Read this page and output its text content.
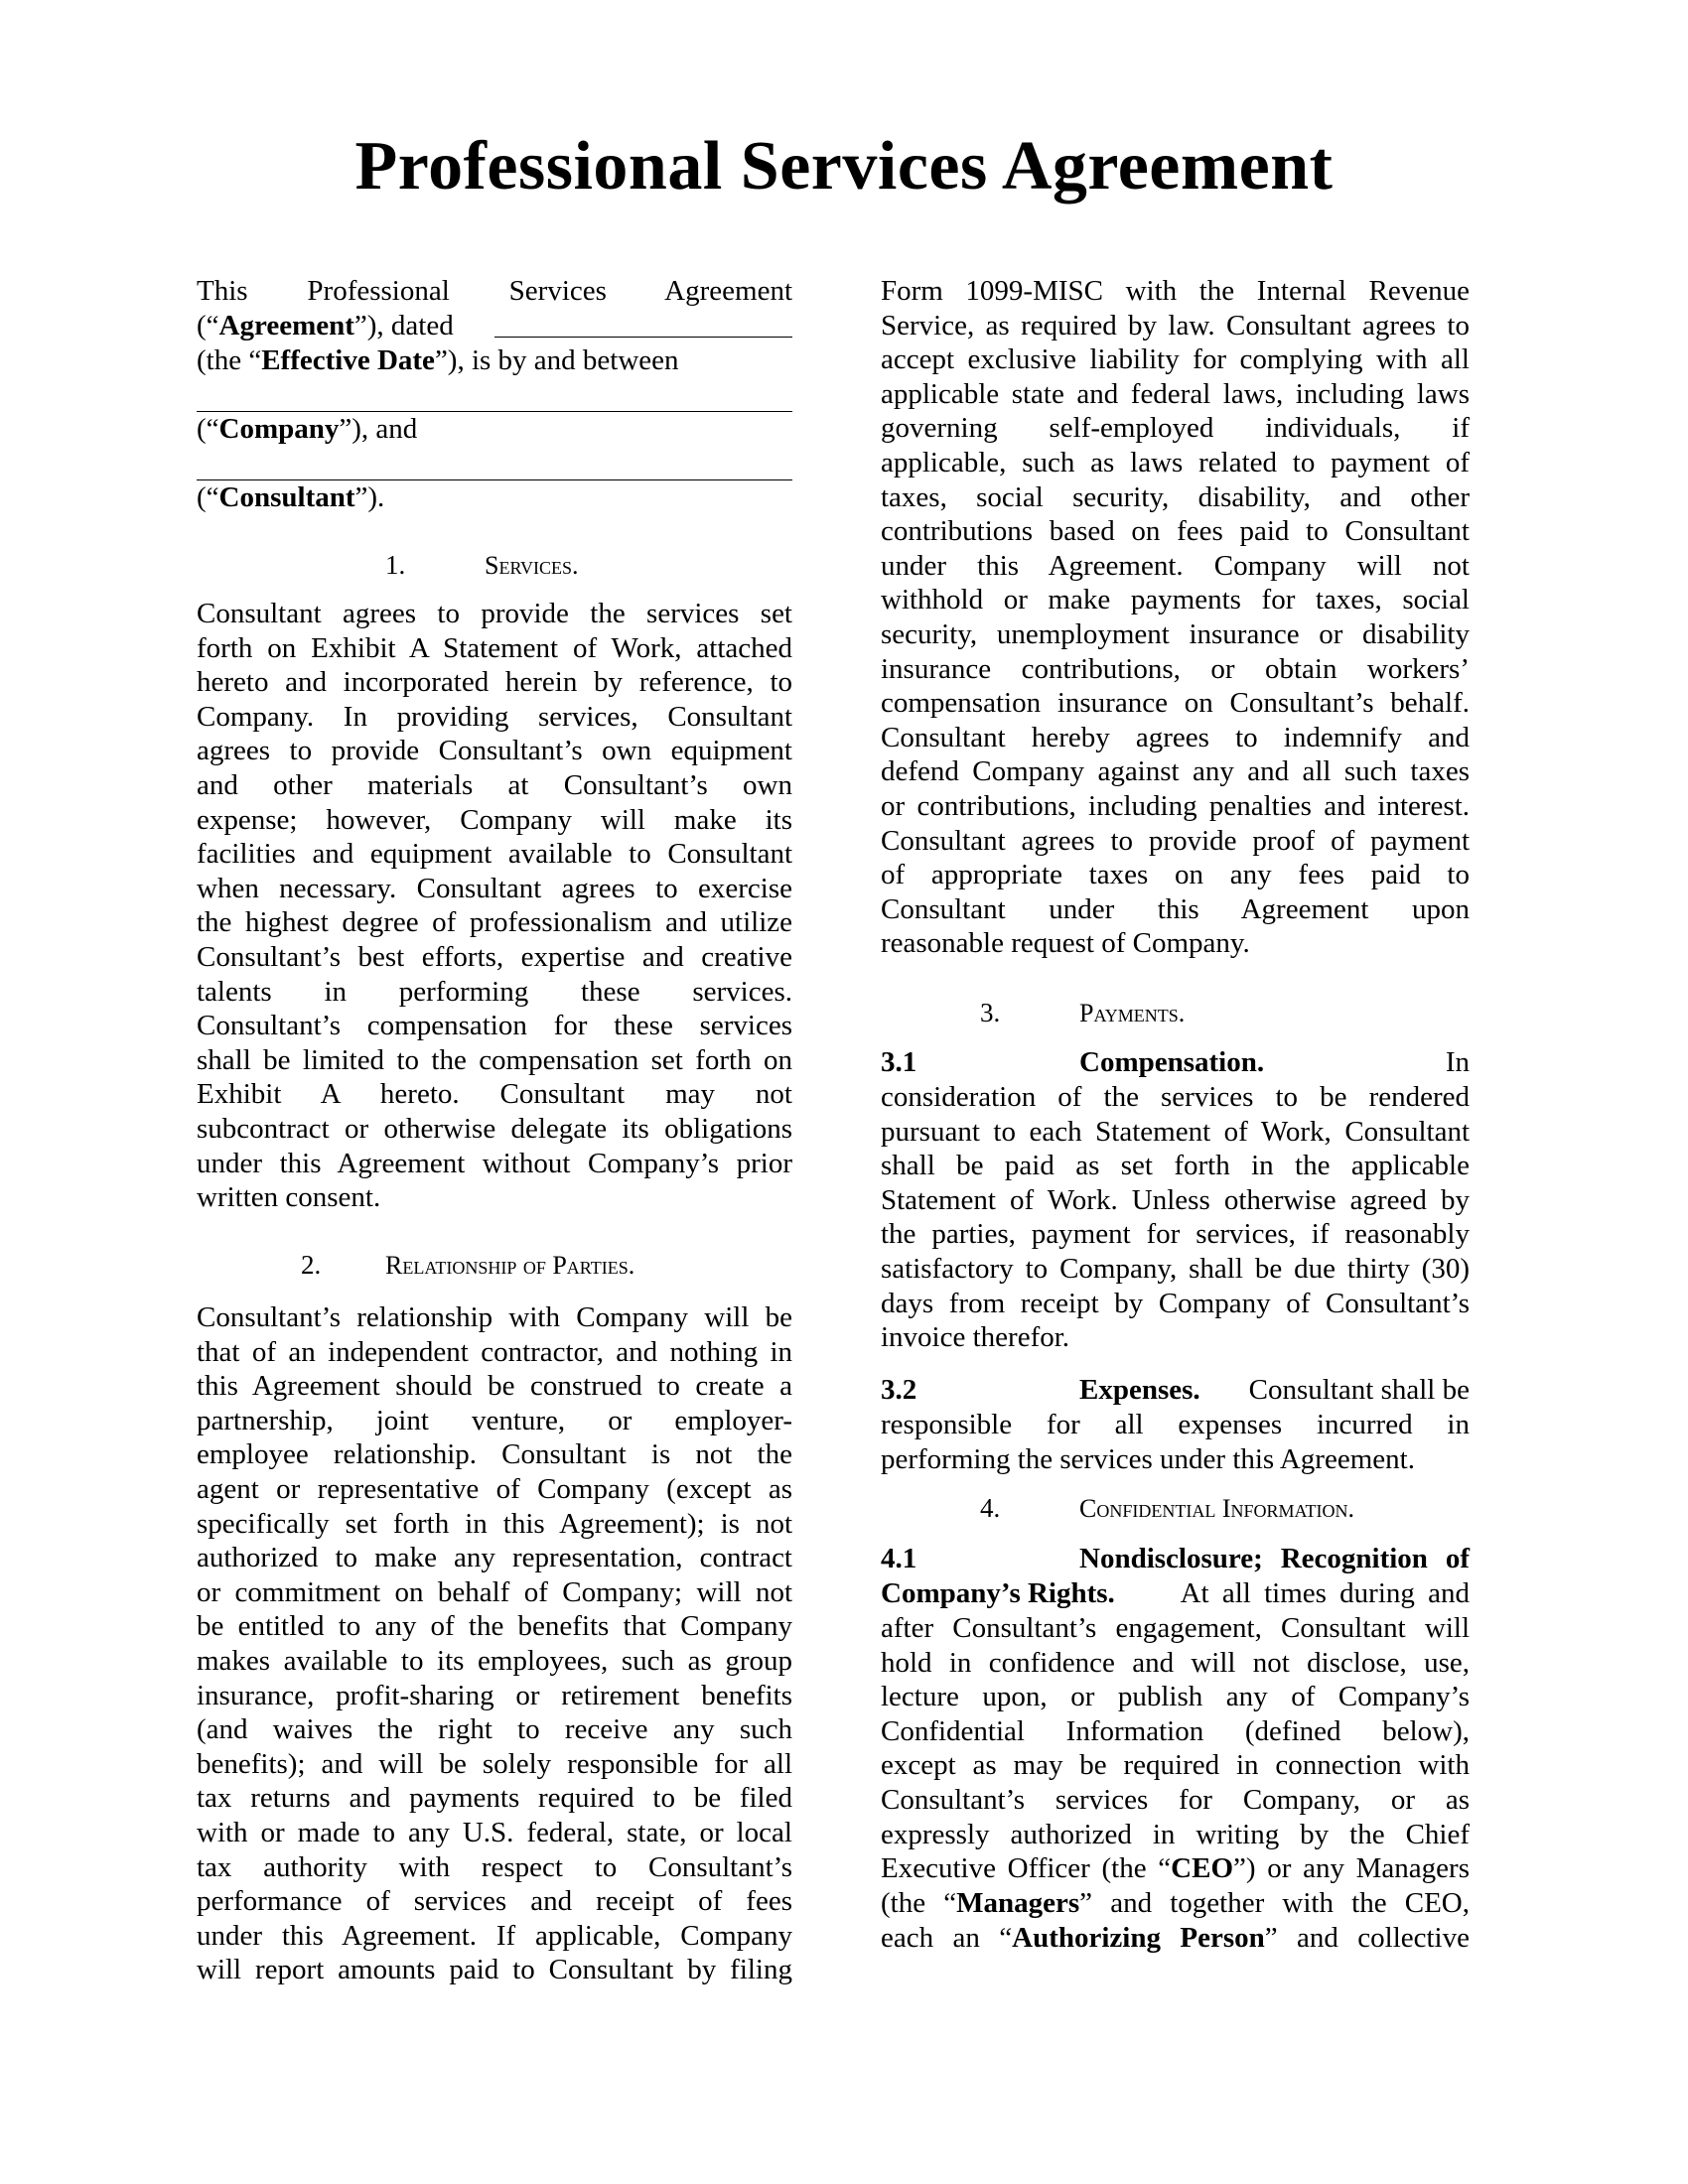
Professional Services Agreement
This Professional Services Agreement
(“Agreement”), dated
(the “Effective Date”), is by and between
(“Company”), and
(“Consultant”).
1.	Services.
Consultant agrees to provide the services set
forth on Exhibit A Statement of Work, attached
hereto and incorporated herein by reference, to
Company. In providing services, Consultant
agrees to provide Consultant’s own equipment
and other materials at Consultant’s own
expense; however, Company will make its
facilities and equipment available to Consultant
when necessary. Consultant agrees to exercise
the highest degree of professionalism and utilize
Consultant’s best efforts, expertise and creative
talents in performing these services.
Consultant’s compensation for these services
shall be limited to the compensation set forth on
Exhibit A hereto. Consultant may not
subcontract or otherwise delegate its obligations
under this Agreement without Company’s prior
written consent.
2. Relationship of Parties.
Consultant’s relationship with Company will be
that of an independent contractor, and nothing in
this Agreement should be construed to create a
partnership, joint venture, or employer-
employee relationship. Consultant is not the
agent or representative of Company (except as
specifically set forth in this Agreement); is not
authorized to make any representation, contract
or commitment on behalf of Company; will not
be entitled to any of the benefits that Company
makes available to its employees, such as group
insurance, profit-sharing or retirement benefits
(and waives the right to receive any such
benefits); and will be solely responsible for all
tax returns and payments required to be filed
with or made to any U.S. federal, state, or local
tax authority with respect to Consultant’s
performance of services and receipt of fees
under this Agreement. If applicable, Company
will report amounts paid to Consultant by filing
Form 1099-MISC with the Internal Revenue
Service, as required by law. Consultant agrees to
accept exclusive liability for complying with all
applicable state and federal laws, including laws
governing self-employed individuals, if
applicable, such as laws related to payment of
taxes, social security, disability, and other
contributions based on fees paid to Consultant
under this Agreement. Company will not
withhold or make payments for taxes, social
security, unemployment insurance or disability
insurance contributions, or obtain workers’
compensation insurance on Consultant’s behalf.
Consultant hereby agrees to indemnify and
defend Company against any and all such taxes
or contributions, including penalties and interest.
Consultant agrees to provide proof of payment
of appropriate taxes on any fees paid to
Consultant under this Agreement upon
reasonable request of Company.
3.	Payments.
3.1	Compensation.	In
consideration of the services to be rendered
pursuant to each Statement of Work, Consultant
shall be paid as set forth in the applicable
Statement of Work. Unless otherwise agreed by
the parties, payment for services, if reasonably
satisfactory to Company, shall be due thirty (30)
days from receipt by Company of Consultant’s
invoice therefor.
3.2	Expenses. Consultant shall be
responsible for all expenses incurred in
performing the services under this Agreement.
4.	Confidential Information.
4.1	Nondisclosure; Recognition of
Company’s Rights. At all times during and
after Consultant’s engagement, Consultant will
hold in confidence and will not disclose, use,
lecture upon, or publish any of Company’s
Confidential Information (defined below),
except as may be required in connection with
Consultant’s services for Company, or as
expressly authorized in writing by the Chief
Executive Officer (the “CEO”) or any Managers
(the “Managers” and together with the CEO,
each an “Authorizing Person” and collective
